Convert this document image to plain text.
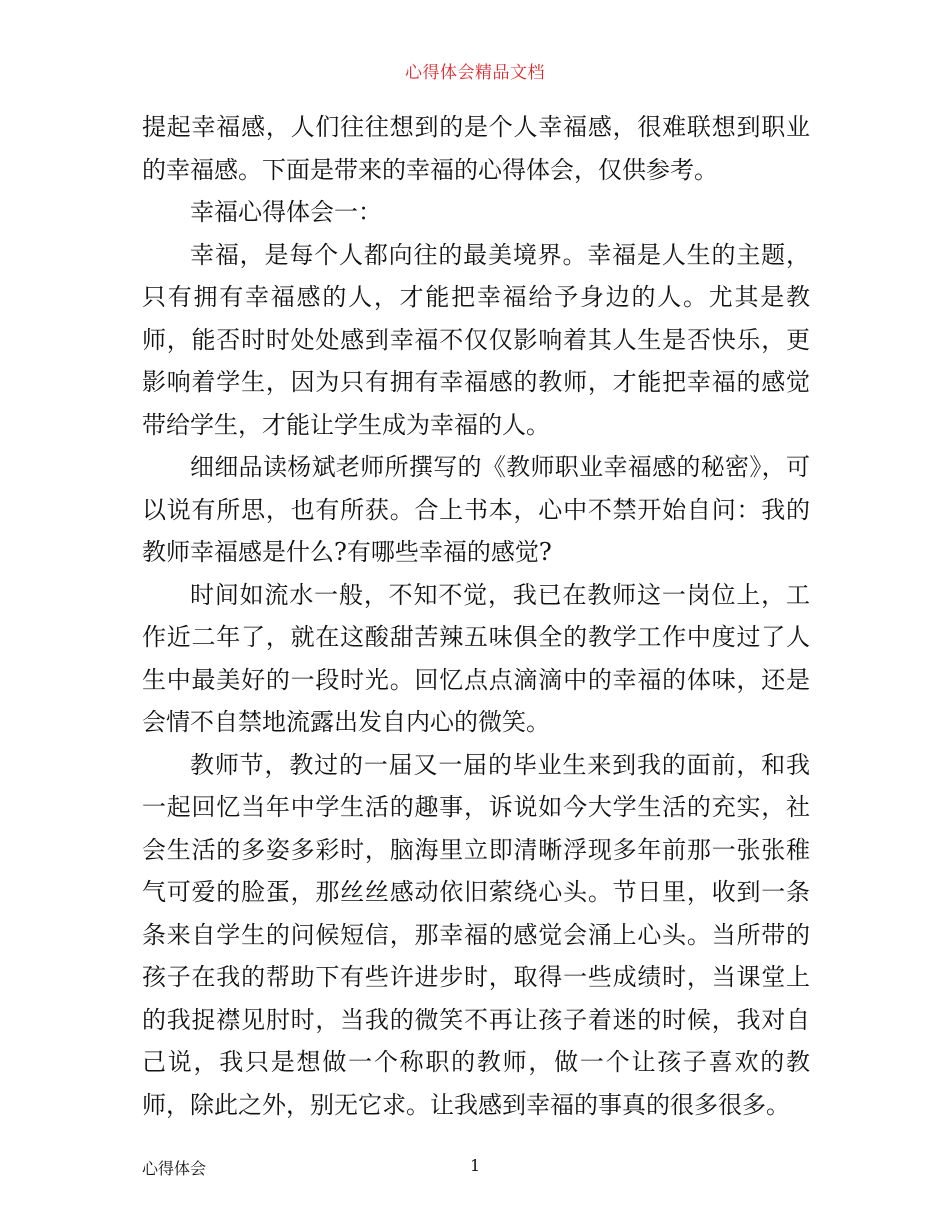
心得体会精品文档

提起幸福感，人们往往想到的是个人幸福感，很难联想到职业的幸福感。下面是带来的幸福的心得体会，仅供参考。

幸福心得体会一：

幸福，是每个人都向往的最美境界。幸福是人生的主题，只有拥有幸福感的人，才能把幸福给予身边的人。尤其是教师，能否时时处处感到幸福不仅仅影响着其人生是否快乐，更影响着学生，因为只有拥有幸福感的教师，才能把幸福的感觉带给学生，才能让学生成为幸福的人。

细细品读杨斌老师所撰写的《教师职业幸福感的秘密》，可以说有所思，也有所获。合上书本，心中不禁开始自问：我的教师幸福感是什么?有哪些幸福的感觉?

时间如流水一般，不知不觉，我已在教师这一岗位上，工作近二年了，就在这酸甜苦辣五味俱全的教学工作中度过了人生中最美好的一段时光。回忆点点滴滴中的幸福的体味，还是会情不自禁地流露出发自内心的微笑。

教师节，教过的一届又一届的毕业生来到我的面前，和我一起回忆当年中学生活的趣事，诉说如今大学生活的充实，社会生活的多姿多彩时，脑海里立即清晰浮现多年前那一张张稚气可爱的脸蛋，那丝丝感动依旧萦绕心头。节日里，收到一条条来自学生的问候短信，那幸福的感觉会涌上心头。当所带的孩子在我的帮助下有些许进步时，取得一些成绩时，当课堂上的我捉襟见肘时，当我的微笑不再让孩子着迷的时候，我对自己说，我只是想做一个称职的教师，做一个让孩子喜欢的教师，除此之外，别无它求。让我感到幸福的事真的很多很多。

心得体会	1
